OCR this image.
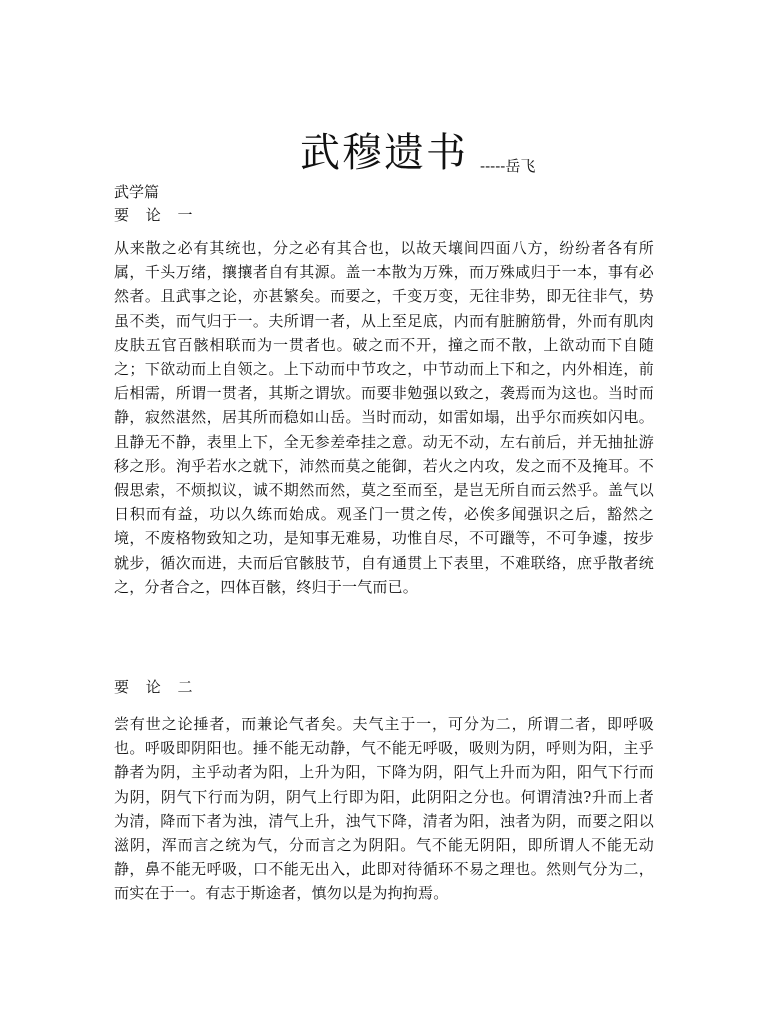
武穆遗书 -----岳飞
武学篇
要 论 一

从来散之必有其统也，分之必有其合也，以故天壤间四面八方，纷纷者各有所属，千头万绪，攘攘者自有其源。盖一本散为万殊，而万殊咸归于一本，事有必然者。且武事之论，亦甚繁矣。而要之，千变万变，无往非势，即无往非气，势虽不类，而气归于一。夫所谓一者，从上至足底，内而有脏腑筋骨，外而有肌肉皮肤五官百骸相联而为一贯者也。破之而不开，撞之而不散，上欲动而下自随之；下欲动而上自领之。上下动而中节攻之，中节动而上下和之，内外相连，前后相需，所谓一贯者，其斯之谓欤。而要非勉强以致之，袭焉而为这也。当时而静，寂然湛然，居其所而稳如山岳。当时而动，如雷如塌，出乎尔而疾如闪电。且静无不静，表里上下，全无参差牵挂之意。动无不动，左右前后，并无抽扯游移之形。洵乎若水之就下，沛然而莫之能御，若火之内攻，发之而不及掩耳。不假思索，不烦拟议，诚不期然而然，莫之至而至，是岂无所自而云然乎。盖气以日积而有益，功以久练而始成。观圣门一贯之传，必俟多闻强识之后，豁然之境，不废格物致知之功，是知事无难易，功惟自尽，不可躐等，不可争遽，按步就步，循次而进，夫而后官骸肢节，自有通贯上下表里，不难联络，庶乎散者统之，分者合之，四体百骸，终归于一气而已。

要 论 二

尝有世之论捶者，而兼论气者矣。夫气主于一，可分为二，所谓二者，即呼吸也。呼吸即阴阳也。捶不能无动静，气不能无呼吸，吸则为阴，呼则为阳，主乎静者为阴，主乎动者为阳，上升为阳，下降为阴，阳气上升而为阳，阳气下行而为阴，阴气下行而为阴，阴气上行即为阳，此阴阳之分也。何谓清浊?升而上者为清，降而下者为浊，清气上升，浊气下降，清者为阳，浊者为阴，而要之阳以滋阴，浑而言之统为气，分而言之为阴阳。气不能无阴阳，即所谓人不能无动静，鼻不能无呼吸，口不能无出入，此即对待循环不易之理也。然则气分为二，而实在于一。有志于斯途者，慎勿以是为拘拘焉。
